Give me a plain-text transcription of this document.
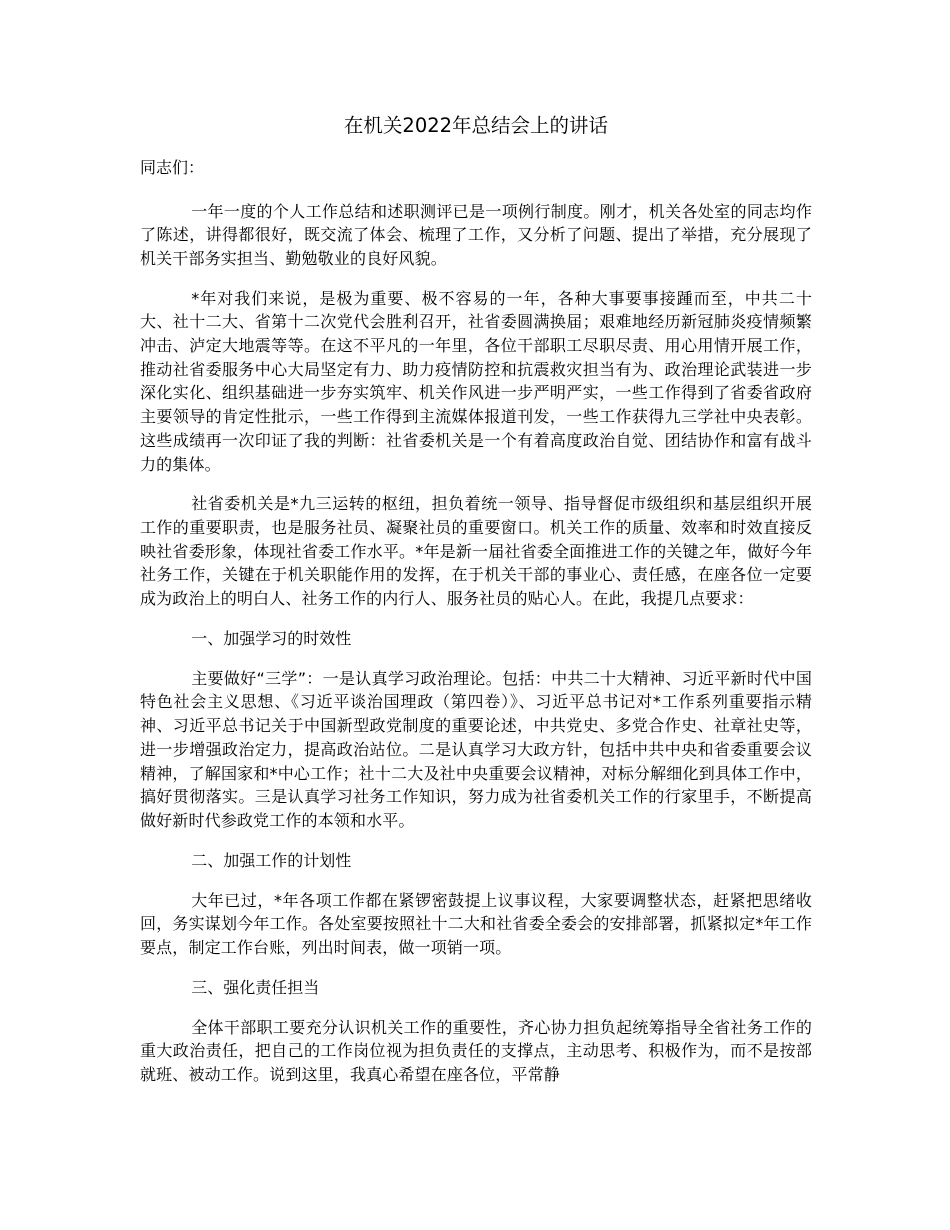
在机关2022年总结会上的讲话

同志们：

一年一度的个人工作总结和述职测评已是一项例行制度。刚才，机关各处室的同志均作了陈述，讲得都很好，既交流了体会、梳理了工作，又分析了问题、提出了举措，充分展现了机关干部务实担当、勤勉敬业的良好风貌。

*年对我们来说，是极为重要、极不容易的一年，各种大事要事接踵而至，中共二十大、社十二大、省第十二次党代会胜利召开，社省委圆满换届；艰难地经历新冠肺炎疫情频繁冲击、泸定大地震等等。在这不平凡的一年里，各位干部职工尽职尽责、用心用情开展工作，推动社省委服务中心大局坚定有力、助力疫情防控和抗震救灾担当有为、政治理论武装进一步深化实化、组织基础进一步夯实筑牢、机关作风进一步严明严实，一些工作得到了省委省政府主要领导的肯定性批示，一些工作得到主流媒体报道刊发，一些工作获得九三学社中央表彰。这些成绩再一次印证了我的判断：社省委机关是一个有着高度政治自觉、团结协作和富有战斗力的集体。

社省委机关是*九三运转的枢纽，担负着统一领导、指导督促市级组织和基层组织开展工作的重要职责，也是服务社员、凝聚社员的重要窗口。机关工作的质量、效率和时效直接反映社省委形象，体现社省委工作水平。*年是新一届社省委全面推进工作的关键之年，做好今年社务工作，关键在于机关职能作用的发挥，在于机关干部的事业心、责任感，在座各位一定要成为政治上的明白人、社务工作的内行人、服务社员的贴心人。在此，我提几点要求：

一、加强学习的时效性

主要做好“三学”：一是认真学习政治理论。包括：中共二十大精神、习近平新时代中国特色社会主义思想、《习近平谈治国理政（第四卷）》、习近平总书记对*工作系列重要指示精神、习近平总书记关于中国新型政党制度的重要论述，中共党史、多党合作史、社章社史等，进一步增强政治定力，提高政治站位。二是认真学习大政方针，包括中共中央和省委重要会议精神，了解国家和*中心工作；社十二大及社中央重要会议精神，对标分解细化到具体工作中，搞好贯彻落实。三是认真学习社务工作知识，努力成为社省委机关工作的行家里手，不断提高做好新时代参政党工作的本领和水平。

二、加强工作的计划性

大年已过，*年各项工作都在紧锣密鼓提上议事议程，大家要调整状态，赶紧把思绪收回，务实谋划今年工作。各处室要按照社十二大和社省委全委会的安排部署，抓紧拟定*年工作要点，制定工作台账，列出时间表，做一项销一项。

三、强化责任担当

全体干部职工要充分认识机关工作的重要性，齐心协力担负起统筹指导全省社务工作的重大政治责任，把自己的工作岗位视为担负责任的支撑点，主动思考、积极作为，而不是按部就班、被动工作。说到这里，我真心希望在座各位，平常静
